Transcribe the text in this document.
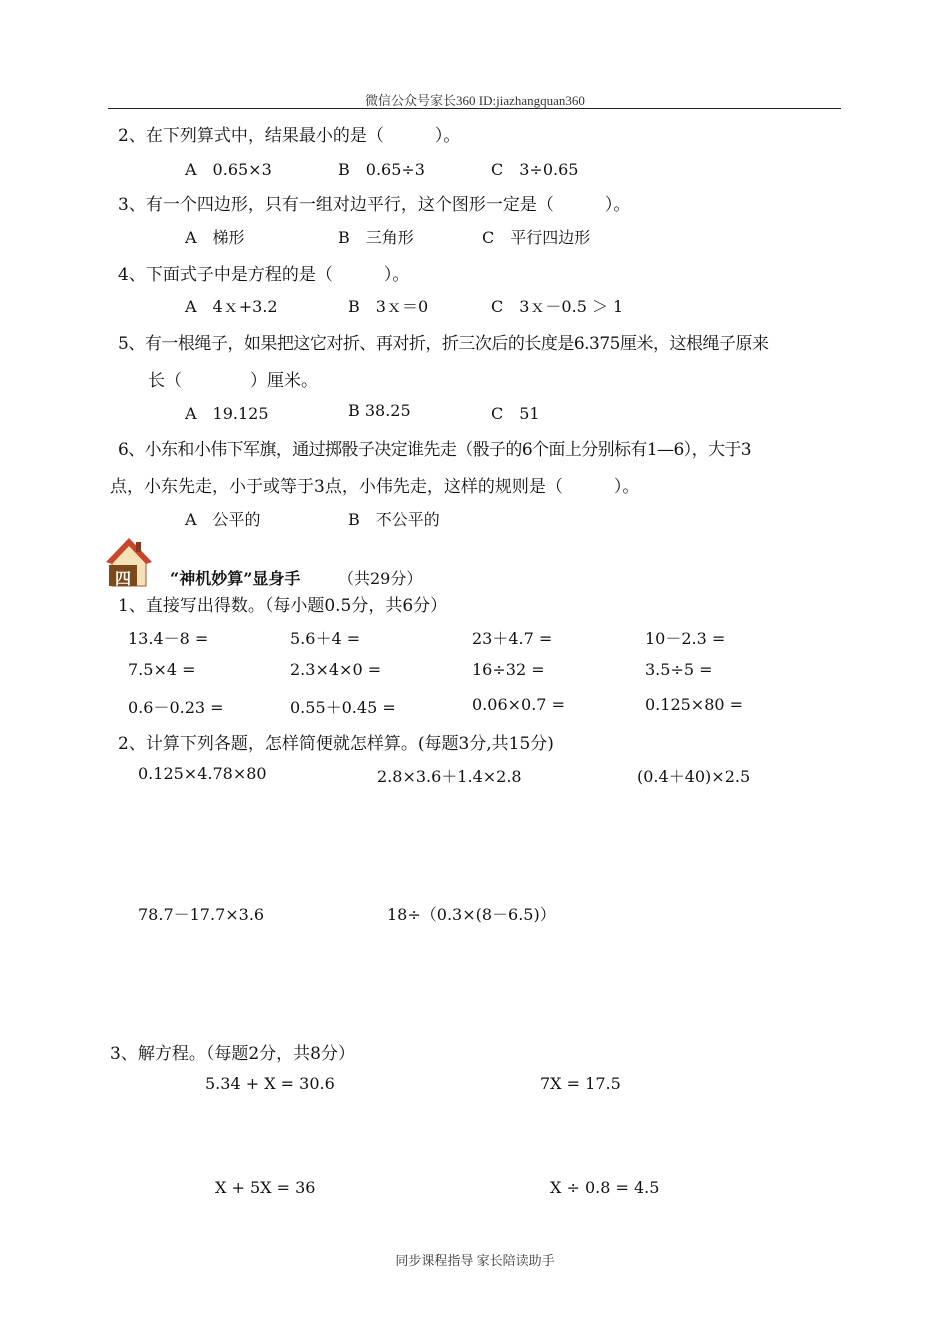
微信公众号家长360 ID:jiazhangquan360
2、在下列算式中，结果最小的是（　　　）。
A　0.65×3	B　0.65÷3	C　3÷0.65
3、有一个四边形，只有一组对边平行，这个图形一定是（　　　）。
A　梯形	B　三角形	C　平行四边形
4、下面式子中是方程的是（　　　）。
A　4ｘ+3.2	B　3ｘ＝0	C　3ｘ－0.5 ＞ 1
5、有一根绳子，如果把这它对折、再对折，折三次后的长度是6.375厘米，这根绳子原来
长（　　　　）厘米。
A　19.125	B 38.25	C　51
6、小东和小伟下军旗，通过掷骰子决定谁先走（骰子的6个面上分别标有1—6），大于3
点，小东先走，小于或等于3点，小伟先走，这样的规则是（　　　）。
A　公平的	B　不公平的
四	“神机妙算”显身手 （共29分）
1、直接写出得数。（每小题0.5分，共6分）
13.4－8 =	5.6＋4 =	23＋4.7 =	10－2.3 =
7.5×4 =	2.3×4×0 =	16÷32 =	3.5÷5 =
0.6－0.23 =	0.55＋0.45 =	0.06×0.7 =	0.125×80 =
2、计算下列各题，怎样简便就怎样算。(每题3分,共15分)
0.125×4.78×80	2.8×3.6＋1.4×2.8	(0.4＋40)×2.5
78.7－17.7×3.6	18÷（0.3×(8－6.5)）
3、解方程。（每题2分，共8分）
5.34 + X = 30.6	7X = 17.5
X + 5X = 36	X ÷ 0.8 = 4.5
同步课程指导 家长陪读助手
